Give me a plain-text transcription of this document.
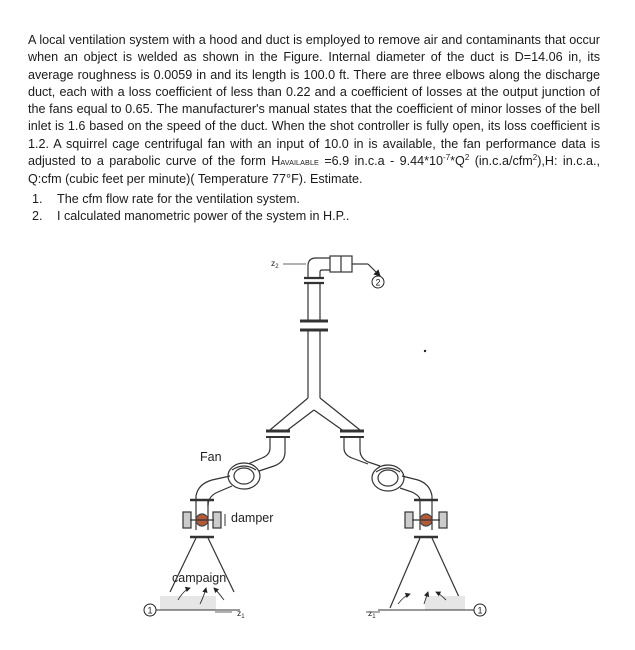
A local ventilation system with a hood and duct is employed to remove air and contaminants that occur when an object is welded as shown in the Figure. Internal diameter of the duct is D=14.06 in, its average roughness is 0.0059 in and its length is 100.0 ft. There are three elbows along the discharge duct, each with a loss coefficient of less than 0.22 and a coefficient of losses at the output junction of the fans equal to 0.65. The manufacturer's manual states that the coefficient of minor losses of the bell inlet is 1.6 based on the speed of the duct. When the shot controller is fully open, its loss coefficient is 1.2. A squirrel cage centrifugal fan with an input of 10.0 in is available, the fan performance data is adjusted to a parabolic curve of the form HAVAILABLE =6.9 $in.c.a - 9.44*10^{-7}*Q^2$ (in.c.a/cfm$^2$),H: in.c.a., Q:cfm (cubic feet per minute)( Temperature 77°F). Estimate.

1.	The cfm flow rate for the ventilation system.
2.	I calculated manometric power of the system in H.P..
2
1	1
$z_2$
$z_1$	$z_1$
Fan
damper
campaign
